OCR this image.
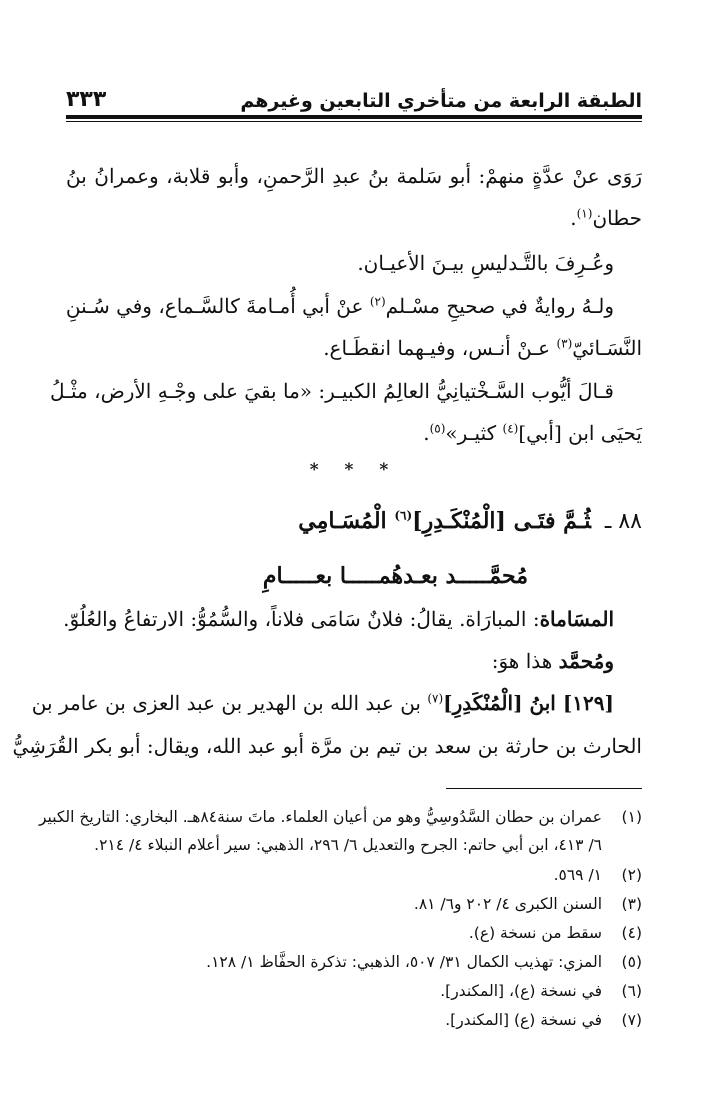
الطبقة الرابعة من متأخري التابعين وغيرهم
٣٣٣
رَوَى عنْ عدَّةٍ منهمْ: أبو سَلمة بنُ عبدِ الرَّحمنِ، وأبو قلابة، وعمرانُ بنُ
حطان$^{(١)}$.
وعُـرِفَ بالتَّـدليسِ بيـنَ الأعيـان.
ولـهُ روايةٌ في صحيحِ مسْـلم$^{(٢)}$ عنْ أبي أُمـامةَ كالسَّـماع، وفي سُـننِ
النَّسَـائيّ$^{(٣)}$ عـنْ أنـس، وفيـهما انقطَـاع.
قـالَ أيُّوب السَّـخْتيانِيُّ العالِمُ الكبيـر: «ما بقيَ على وجْـهِ الأرض، مثْـلُ
يَحيَى ابن [أبي]$^{(٤)}$ كثيـر»$^{(٥)}$.
* * *
٨٨ ـثُـمَّ فتَـى [الْمُنْكَـدِرِ]$^{(٦)}$ الْمُسَـامِي
مُحمَّـــــد بعـدهُمـــــا بعـــــامِ
المسَاماة: المبارَاة. يقالُ: فلانٌ سَامَى فلاناً، والسُّمُوُّ: الارتفاعُ والعُلُوّ.
ومُحمَّد هذا هوَ:
[١٢٩] ابنُ [الْمُنْكَدِرِ]$^{(٧)}$ بن عبد الله بن الهدير بن عبد العزى بن عامر بن
الحارث بن حارثة بن سعد بن تيم بن مرَّة أبو عبد الله، ويقال: أبو بكر القُرَشِيُّ
(١)عمران بن حطان السَّدُوسِيُّ وهو من أعيان العلماء. ماتَ سنة٨٤هـ. البخاري: التاريخ الكبير
٦/ ٤١٣، ابن أبي حاتم: الجرح والتعديل ٦/ ٢٩٦، الذهبي: سير أعلام النبلاء ٤/ ٢١٤.
(٢)١/ ٥٦٩.
(٣)السنن الكبرى ٤/ ٢٠٢ و٦/ ٨١.
(٤)سقط من نسخة (ع).
(٥)المزي: تهذيب الكمال ٣١/ ٥٠٧، الذهبي: تذكرة الحفَّاظ ١/ ١٢٨.
(٦)في نسخة (ع)، [المكندر].
(٧)في نسخة (ع) [المكندر].
